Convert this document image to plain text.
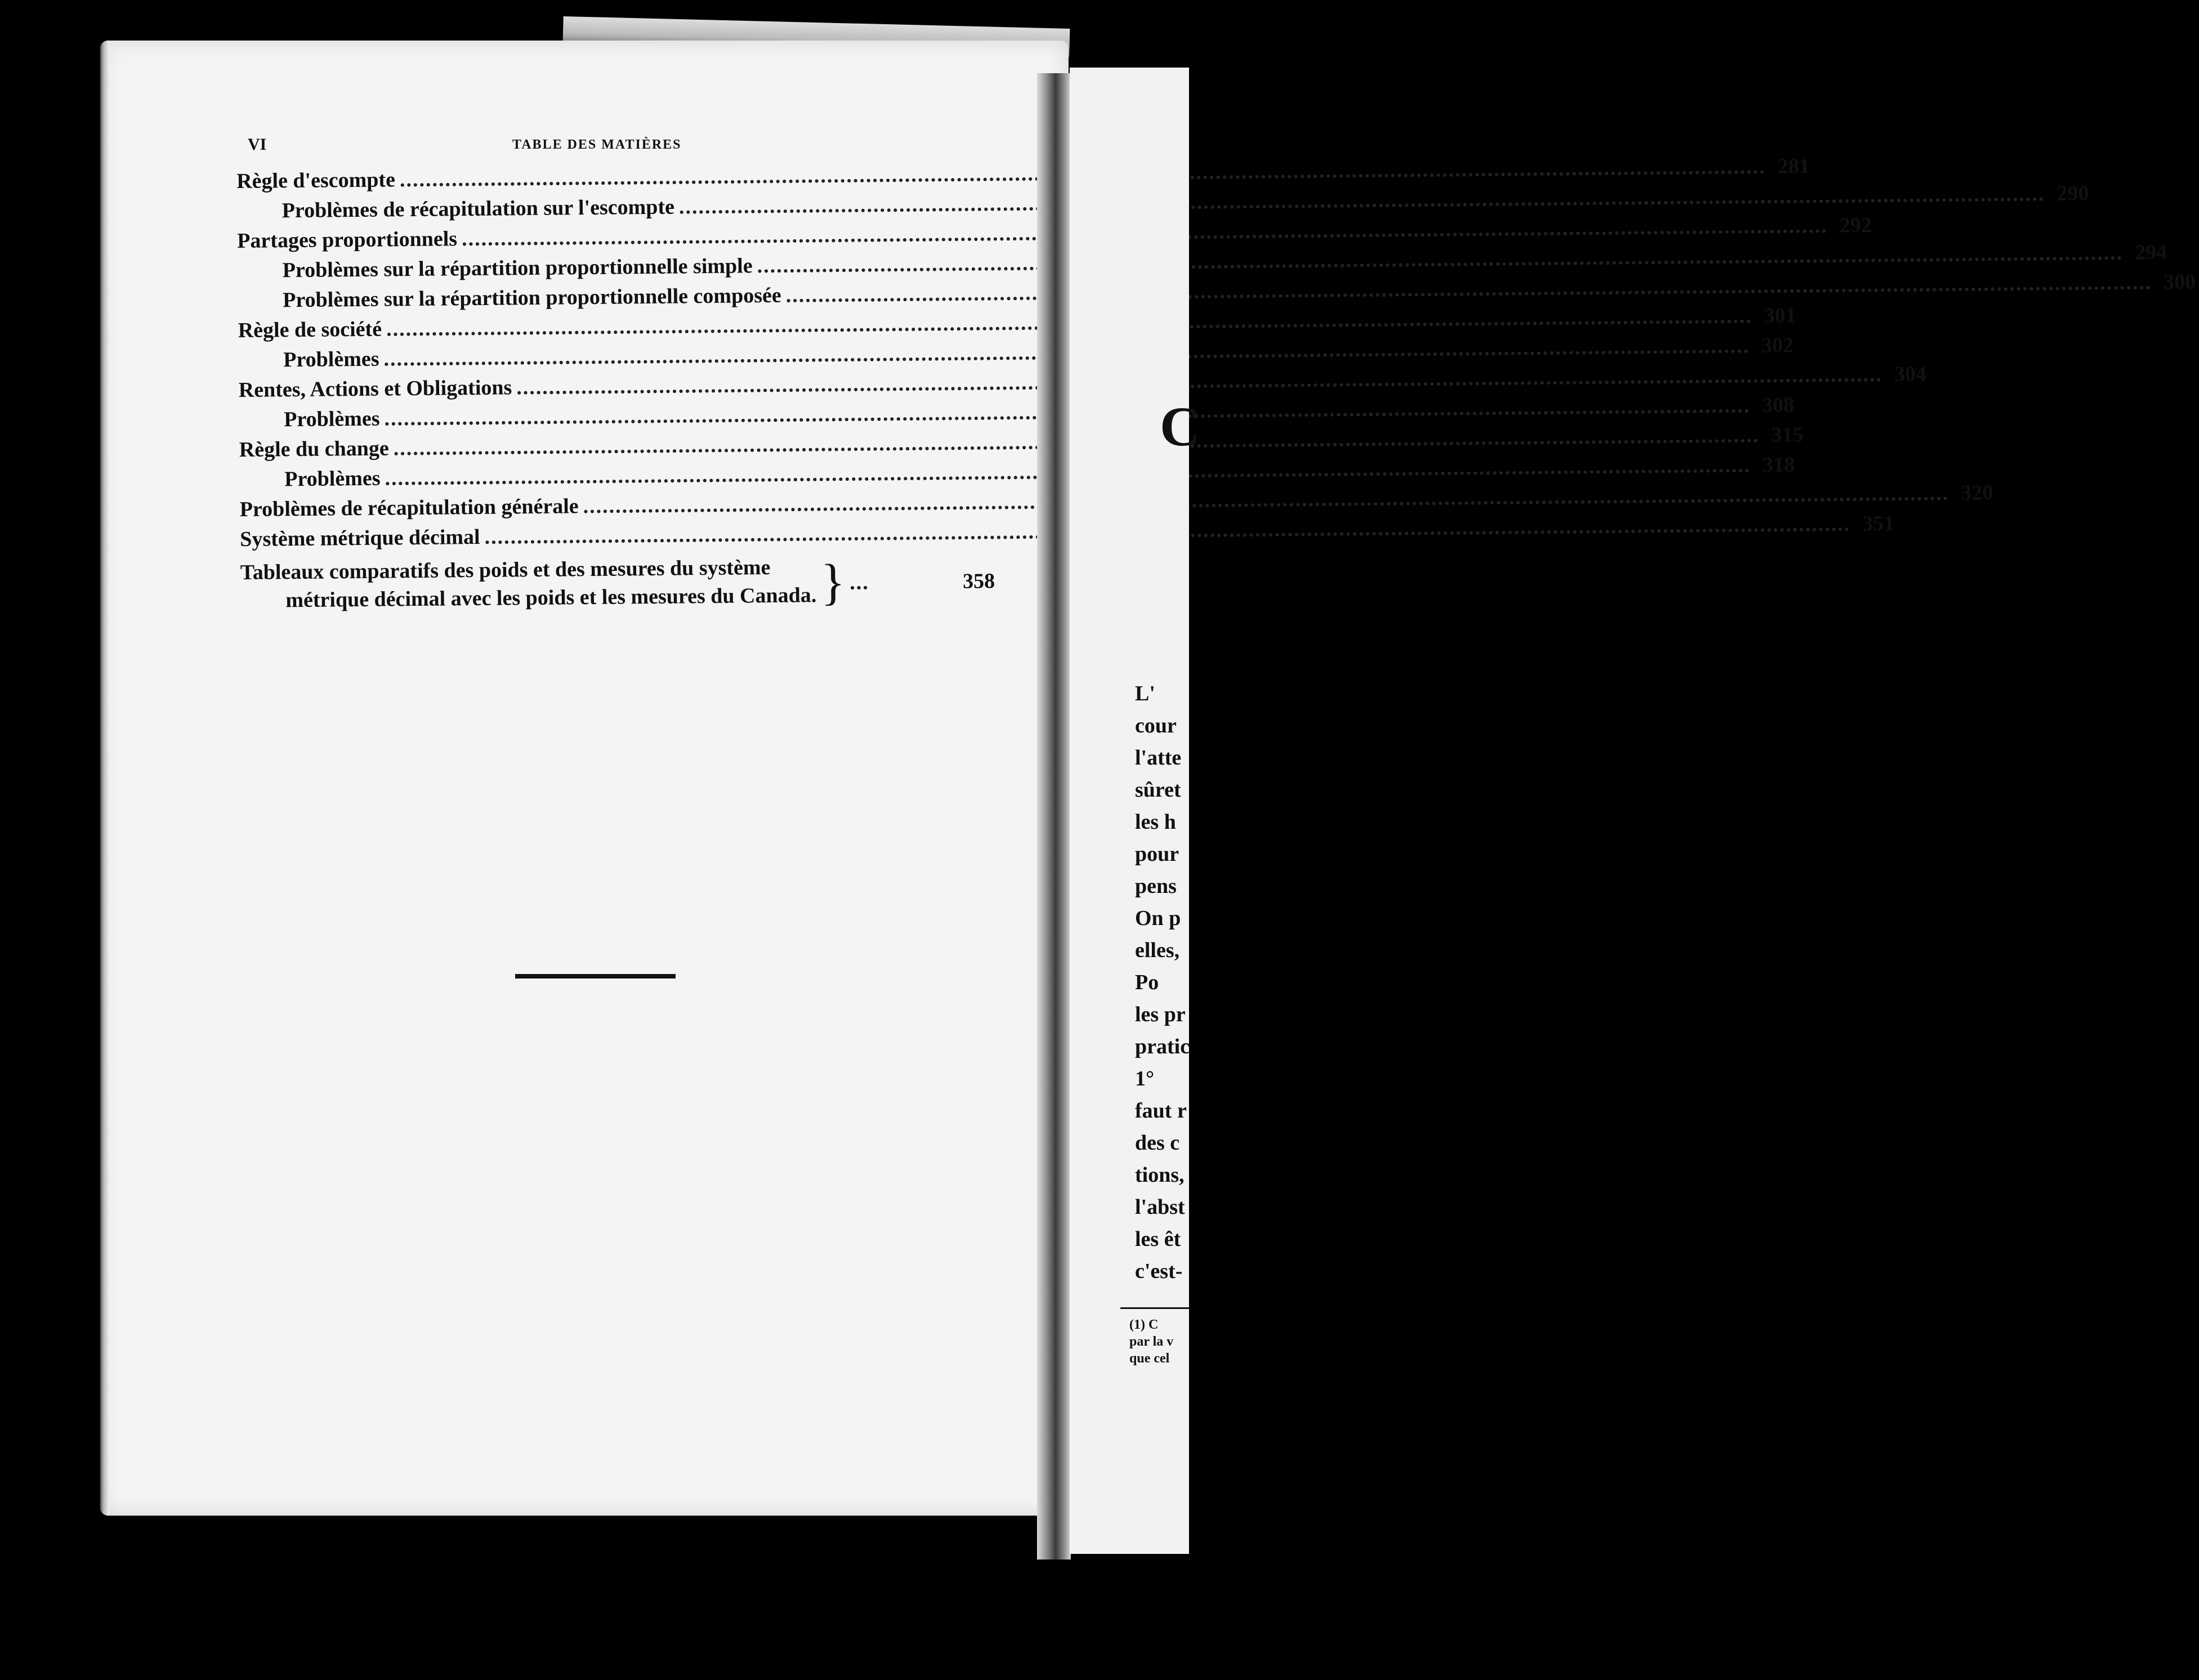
VI	TABLE DES MATIÈRES
Règle d'escompte
.....
281
Problèmes de récapitulation sur l'escompte
.....
290
Partages proportionnels
.....
292
Problèmes sur la répartition proportionnelle simple
.....
294
Problèmes sur la répartition proportionnelle composée
.....
300
Règle de société
.....
301
Problèmes
.....
302
Rentes, Actions et Obligations
.....
304
Problèmes
.....
308
Règle du change
.....
315
Problèmes
.....
318
Problèmes de récapitulation générale
.....
320
Système métrique décimal
.....
351
Tableaux comparatifs des poids et des mesures du système
métrique décimal avec les poids et les mesures du Canada. } ...	358
C
L'
cour
l'atte
sûret
les h
pour
pens
On p
elles,
Po
les pr
pratic
1°
faut r
des c
tions,
l'abst
les êt
c'est-
(1) C
par la v
que cel
